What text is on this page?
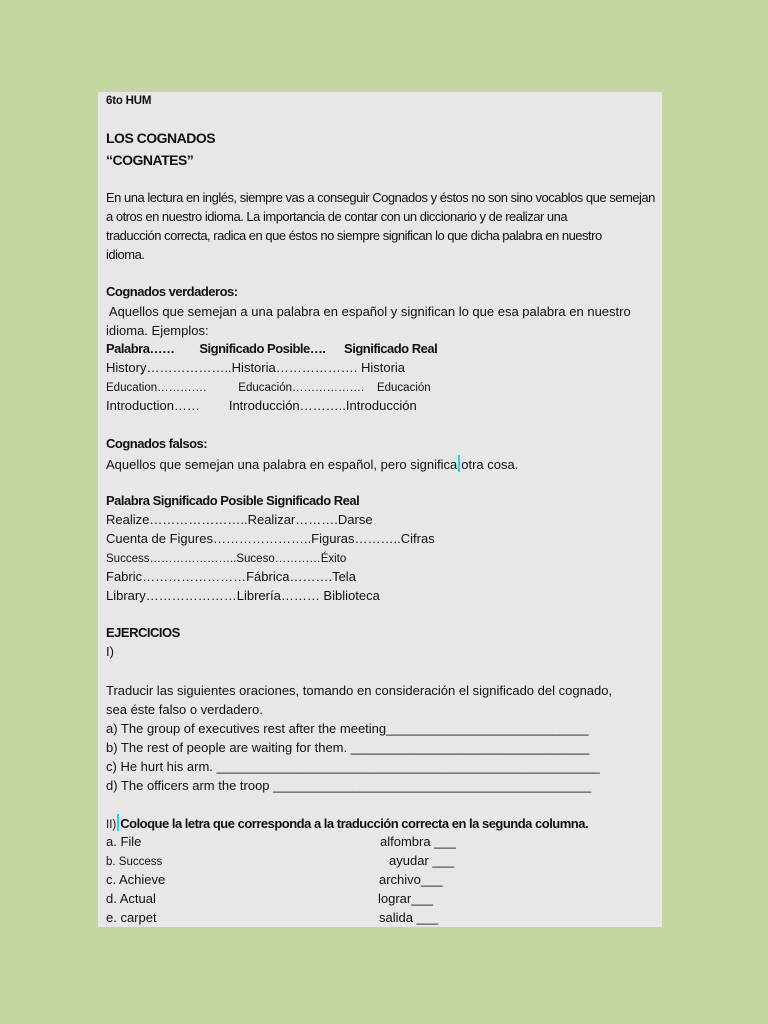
6to HUM
LOS COGNADOS
“COGNATES”
En una lectura en inglés, siempre vas a conseguir Cognados y éstos no son sino vocablos que semejan
a otros en nuestro idioma. La importancia de contar con un diccionario y de realizar una
traducción correcta, radica en que éstos no siempre significan lo que dicha palabra en nuestro
idioma.
Cognados verdaderos:
Aquellos que semejan a una palabra en español y significan lo que esa palabra en nuestro
idioma. Ejemplos:
Palabra……        Significado Posible….      Significado Real
History………………..Historia………………. Historia
Education………….          Educación……………….    Educación
Introduction……        Introducción………..Introducción
Cognados falsos:
Aquellos que semejan una palabra en español, pero significa otra cosa.
Palabra Significado Posible Significado Real
Realize…………………..Realizar……….Darse
Cuenta de Figures…………………..Figuras………..Cifras
Success…………………..Suceso…………Éxito
Fabric……………………Fábrica……….Tela
Library…………………Librería……… Biblioteca
EJERCICIOS
I)
Traducir las siguientes oraciones, tomando en consideración el significado del cognado,
sea éste falso o verdadero.
a) The group of executives rest after the meeting____________________________
b) The rest of people are waiting for them. _________________________________
c) He hurt his arm. _____________________________________________________
d) The officers arm the troop ____________________________________________
II) Coloque la letra que corresponda a la traducción correcta en la segunda columna.
a. File
b. Success
c. Achieve
d. Actual
e. carpet
alfombra ___
ayudar ___
archivo___
lograr___
salida ___
